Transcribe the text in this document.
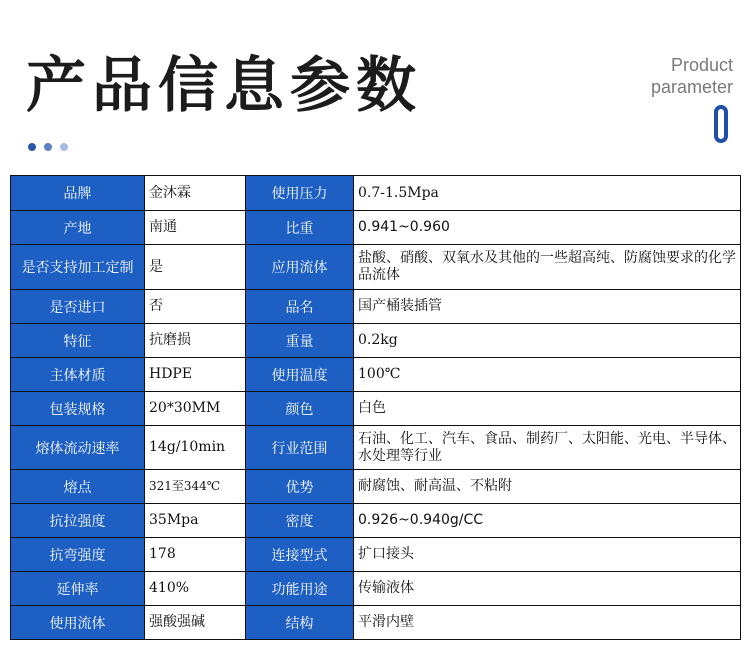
产品信息参数	Product
parameter
品牌	金沐霖	使用压力	0.7-1.5Mpa
产地	南通	比重	0.941~0.960
是否支持加工定制	是	应用流体	盐酸、硝酸、双氧水及其他的一些超高纯、防腐蚀要求的化学品流体
是否进口	否	品名	国产桶装插管
特征	抗磨损	重量	0.2kg
主体材质	HDPE	使用温度	100℃
包装规格	20*30MM	颜色	白色
熔体流动速率	14g/10min	行业范围	石油、化工、汽车、食品、制药厂、太阳能、光电、半导体、水处理等行业
熔点	321至344℃	优势	耐腐蚀、耐高温、不粘附
抗拉强度	35Mpa	密度	0.926~0.940g/CC
抗弯强度	178	连接型式	扩口接头
延伸率	410%	功能用途	传输液体
使用流体	强酸强碱	结构	平滑内壁
